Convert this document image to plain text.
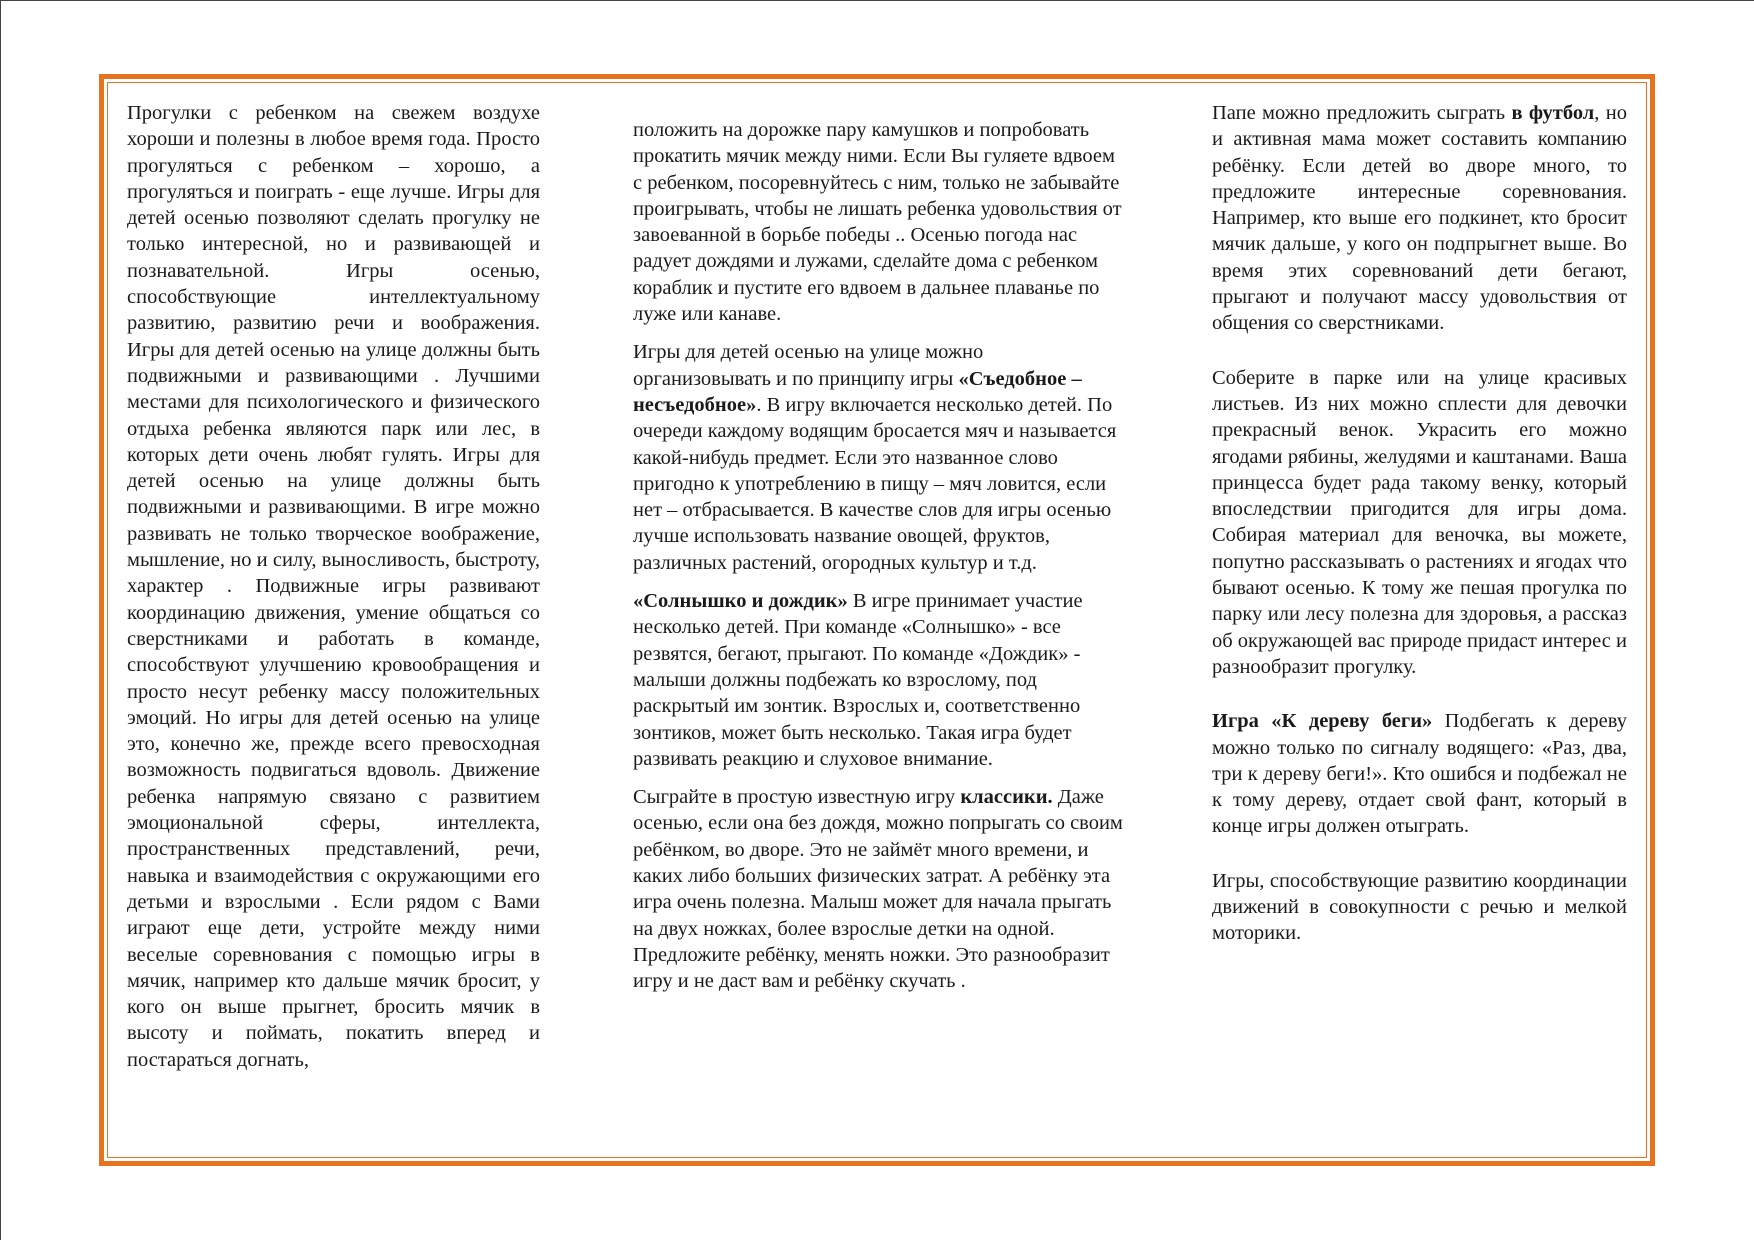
Прогулки с ребенком на свежем воздухе хороши и полезны в любое время года. Просто прогуляться с ребенком – хорошо, а прогуляться и поиграть - еще лучше. Игры для детей осенью позволяют сделать прогулку не только интересной, но и развивающей и познавательной. Игры осенью, способствующие интеллектуальному развитию, развитию речи и воображения. Игры для детей осенью на улице должны быть подвижными и развивающими . Лучшими местами для психологического и физического отдыха ребенка являются парк или лес, в которых дети очень любят гулять. Игры для детей осенью на улице должны быть подвижными и развивающими. В игре можно развивать не только творческое воображение, мышление, но и силу, выносливость, быстроту, характер . Подвижные игры развивают координацию движения, умение общаться со сверстниками и работать в команде, способствуют улучшению кровообращения и просто несут ребенку массу положительных эмоций. Но игры для детей осенью на улице это, конечно же, прежде всего превосходная возможность подвигаться вдоволь. Движение ребенка напрямую связано с развитием эмоциональной сферы, интеллекта, пространственных представлений, речи, навыка и взаимодействия с окружающими его детьми и взрослыми . Если рядом с Вами играют еще дети, устройте между ними веселые соревнования с помощью игры в мячик, например кто дальше мячик бросит, у кого он выше прыгнет, бросить мячик в высоту и поймать, покатить вперед и постараться догнать,

положить на дорожке пару камушков и попробовать прокатить мячик между ними. Если Вы гуляете вдвоем с ребенком, посоревнуйтесь с ним, только не забывайте проигрывать, чтобы не лишать ребенка удовольствия от завоеванной в борьбе победы .. Осенью погода нас радует дождями и лужами, сделайте дома с ребенком кораблик и пустите его вдвоем в дальнее плаванье по луже или канаве.

Игры для детей осенью на улице можно организовывать и по принципу игры «Съедобное – несъедобное». В игру включается несколько детей. По очереди каждому водящим бросается мяч и называется какой-нибудь предмет. Если это названное слово пригодно к употреблению в пищу – мяч ловится, если нет – отбрасывается. В качестве слов для игры осенью лучше использовать название овощей, фруктов, различных растений, огородных культур и т.д.

«Солнышко и дождик» В игре принимает участие несколько детей. При команде «Солнышко» - все резвятся, бегают, прыгают. По команде «Дождик» - малыши должны подбежать ко взрослому, под раскрытый им зонтик. Взрослых и, соответственно зонтиков, может быть несколько. Такая игра будет развивать реакцию и слуховое внимание.

Сыграйте в простую известную игру классики. Даже осенью, если она без дождя, можно попрыгать со своим ребёнком, во дворе. Это не займёт много времени, и каких либо больших физических затрат. А ребёнку эта игра очень полезна. Малыш может для начала прыгать на двух ножках, более взрослые детки на одной. Предложите ребёнку, менять ножки. Это разнообразит игру и не даст вам и ребёнку скучать .

Папе можно предложить сыграть в футбол, но и активная мама может составить компанию ребёнку. Если детей во дворе много, то предложите интересные соревнования. Например, кто выше его подкинет, кто бросит мячик дальше, у кого он подпрыгнет выше. Во время этих соревнований дети бегают, прыгают и получают массу удовольствия от общения со сверстниками.

Соберите в парке или на улице красивых листьев. Из них можно сплести для девочки прекрасный венок. Украсить его можно ягодами рябины, желудями и каштанами. Ваша принцесса будет рада такому венку, который впоследствии пригодится для игры дома. Собирая материал для веночка, вы можете, попутно рассказывать о растениях и ягодах что бывают осенью. К тому же пешая прогулка по парку или лесу полезна для здоровья, а рассказ об окружающей вас природе придаст интерес и разнообразит прогулку.

Игра «К дереву беги» Подбегать к дереву можно только по сигналу водящего: «Раз, два, три к дереву беги!». Кто ошибся и подбежал не к тому дереву, отдает свой фант, который в конце игры должен отыграть.

Игры, способствующие развитию координации движений в совокупности с речью и мелкой моторики.
